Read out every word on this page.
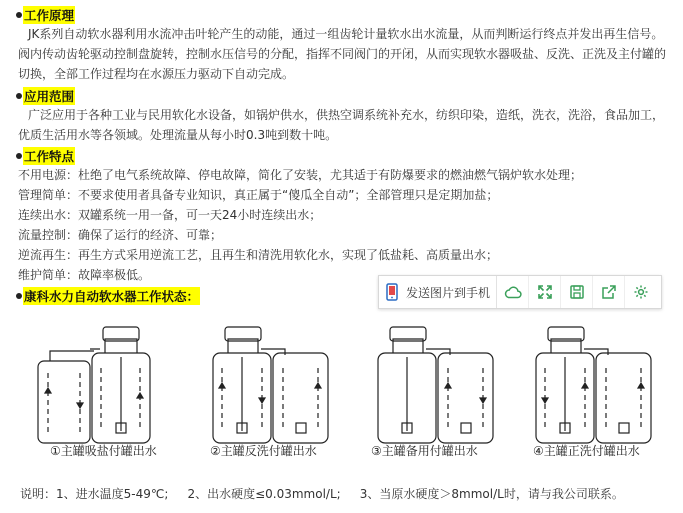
工作原理
JK系列自动软水器利用水流冲击叶轮产生的动能，通过一组齿轮计量软水出水流量，从而判断运行终点并发出再生信号。阀内传动齿轮驱动控制盘旋转，控制水压信号的分配，指挥不同阀门的开闭，从而实现软水器吸盐、反洗、正洗及主付罐的切换，全部工作过程均在水源压力驱动下自动完成。
应用范围
广泛应用于各种工业与民用软化水设备，如锅炉供水，供热空调系统补充水，纺织印染，造纸，洗衣，洗浴，食品加工，优质生活用水等各领域。处理流量从每小时0.3吨到数十吨。
工作特点
不用电源：杜绝了电气系统故障、停电故障，简化了安装，尤其适于有防爆要求的燃油燃气锅炉软水处理；
管理简单：不要求使用者具备专业知识，真正属于“傻瓜全自动”；全部管理只是定期加盐；
连续出水：双罐系统一用一备，可一天24小时连续出水；
流量控制：确保了运行的经济、可靠；
逆流再生：再生方式采用逆流工艺，且再生和清洗用软化水，实现了低盐耗、高质量出水；
维护简单：故障率极低。
康科水力自动软水器工作状态：	发送图片到手机
①主罐吸盐付罐出水	②主罐反洗付罐出水	③主罐备用付罐出水	④主罐正洗付罐出水
说明：1、进水温度5-49℃;     2、出水硬度≤0.03mmol/L;     3、当原水硬度＞8mmol/L时，请与我公司联系。
